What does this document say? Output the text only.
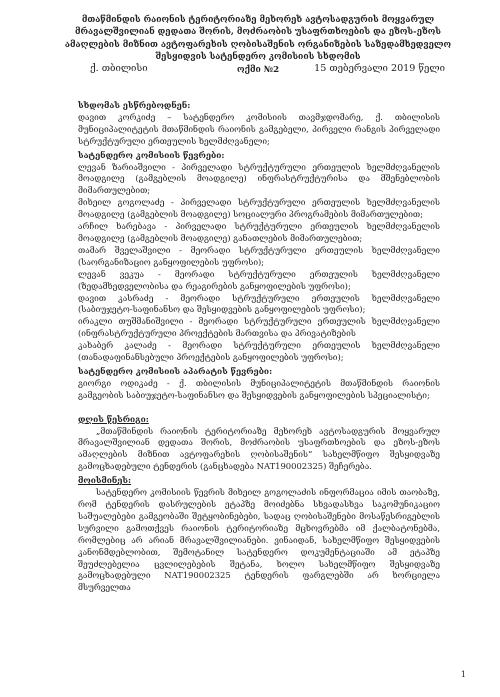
მთაწმინდის რაიონის ტერიტორიაზე მეხორეხ ავტოსადგურის მოყვარულ მრავალშვილიან დედათა შორის, მოძრაობის უსაფრთხოების და ეზოს-ეზოს ამაღლების მიზნით ავტოფარეხის ღობისაშენის ორგანიზების საზედამხედველო შესყიდვის სატენდერო კომისიის სხდომის
ოქმი №2
ქ. თბილისი	15 თებერვალი 2019 წელი

სხდომას ესწრებოდნენ:

დავით კორკიძე – სატენდერო კომისიის თავმჯდომარე, ქ. თბილისის მუნიციპალიტეტის მთაწმინდის რაიონის გამგებელი, პირველი რანგის პირველადი სტრუქტურული ერთეულის ხელმძღვანელი;

სატენდერო კომისიის წევრები:

ლევან ზარიაშვილი - პირველადი სტრუქტურული ერთეულის ხელმძღვანელის მოადგილე (გამგებლის მოადგილე) ინფრასტრუქტურისა და მშენებლობის მიმართულებით;

მიხეილ გოგოლაძე - პირველადი სტრუქტურული ერთეულის ხელმძღვანელის მოადგილე (გამგებლის მოადგილე) სოციალური პროგრამების მიმართულებით;

არჩილ ხარებავა - პირველადი სტრუქტურული ერთეულის ხელმძღვანელის მოადგილე (გამგებლის მოადგილე) განათლების მიმართულებით;

თამარ შველაშვილი - მეორადი სტრუქტურული ერთეულის ხელმძღვანელი (საორგანიზაციო განყოფილების უფროსი);

ლევან ვეკუა - მეორადი სტრუქტურული ერთეულის ხელმძღვანელი (ზედამხედველობისა და რეაგირების განყოფილების უფროსი);

დავით კასრაძე - მეორადი სტრუქტურული ერთეულის ხელმძღვანელი (საბიუჯეტო-საფინანსო და შესყიდვების განყოფილების უფროსი);

ირაკლი თუშმანიშვილი - მეორადი სტრუქტურული ერთეულის ხელმძღვანელი (ინფრასტრუქტურული პროექტების მართვისა და პრივატიზების

კახაბერ კალაძე - მეორადი სტრუქტურული ერთეულის ხელმძღვანელი (თანადაფინანსებული პროექტების განყოფილების უფროსი);

სატენდერო კომისიის აპარატის წევრები:

გიორგი ოდიკაძე - ქ. თბილისის მუნიციპალიტეტის მთაწმინდის რაიონის გამგეობის საბიუჯეტო-საფინანსო და შესყიდვების განყოფილების სპეციალისტი;

დღის წესრიგი:

„მთაწმინდის რაიონის ტერიტორიაზე მეხორეხ ავტოსადგურის მოყვარულ მრავალშვილიან დედათა შორის, მოძრაობის უსაფრთხოების და ეზოს-ეზოს ამაღლების მიზნით ავტოფარეხის ღობისაშენის“ სახელმწიფო შესყიდვაზე გამოცხადებული ტენდერის (განცხადება NAT190002325) შეჩერება.

მოისმინეს:

სატენდერო კომისიის წევრის მიხეილ გოგოლაძის ინფორმაცია იმის თაობაზე, რომ ტენდერის დასრულების ეტაპზე მოიძებნა სხვადასხვა საკომუნიკაციო საშუალებები გამგეობაში შეტყობინებები, სადაც ღობისაშენები მოსაწესრიგებლის სურვილი გამოთქვეს რაიონის ტერიტორიაზე მცხოვრებმა იმ ქალბატონებმა, რომლებიც არ არიან მრავალშვილიანები. ვინაიდან, სახელმწიფო შესყიდვების კანონმდებლობით, შემოტანილ სატენდერო დოკუმენტაციაში ამ ეტაპზე შეუძლებელია ცვლილებების შეტანა, ხოლო სახელმწიფო შესყიდვაზე გამოცხადებული NAT190002325 ტენდერის ფარგლებში არ ხორციელა მსურველთა

1
